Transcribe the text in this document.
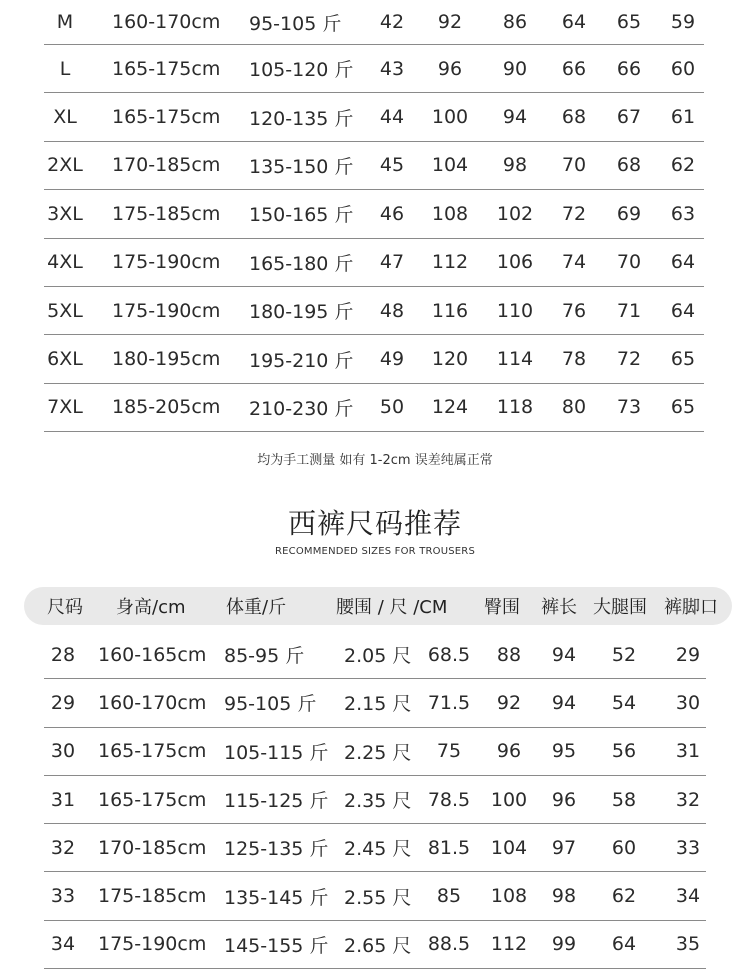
M	160-170cm	95-105 斤	42	92	86	64	65	59
L	165-175cm	105-120 斤	43	96	90	66	66	60
XL	165-175cm	120-135 斤	44	100	94	68	67	61
2XL 170-185cm	135-150 斤	45	104	98	70	68	62
3XL 175-185cm	150-165 斤	46	108	102	72	69	63
4XL 175-190cm	165-180 斤	47	112	106	74	70	64
5XL 175-190cm	180-195 斤	48	116	110	76	71	64
6XL 180-195cm	195-210 斤	49	120	114	78	72	65
7XL 185-205cm	210-230 斤	50	124	118	80	73	65
均为手工测量 如有 1-2cm 误差纯属正常
西裤尺码推荐
RECOMMENDED SIZES FOR TROUSERS
尺码 身高/cm	体重/斤	腰围 / 尺 /CM	臀围 裤长 大腿围 裤脚口
28	160-165cm 85-95 斤	2.05 尺 68.5	88	94	52	29
29	160-170cm 95-105 斤	2.15 尺 71.5	92	94	54	30
30	165-175cm 105-115 斤 2.25 尺	75	96	95	56	31
31	165-175cm 115-125 斤 2.35 尺 78.5 100	96	58	32
32	170-185cm 125-135 斤 2.45 尺 81.5 104	97	60	33
33	175-185cm 135-145 斤 2.55 尺	85	108	98	62	34
34	175-190cm 145-155 斤 2.65 尺 88.5 112	99	64	35
